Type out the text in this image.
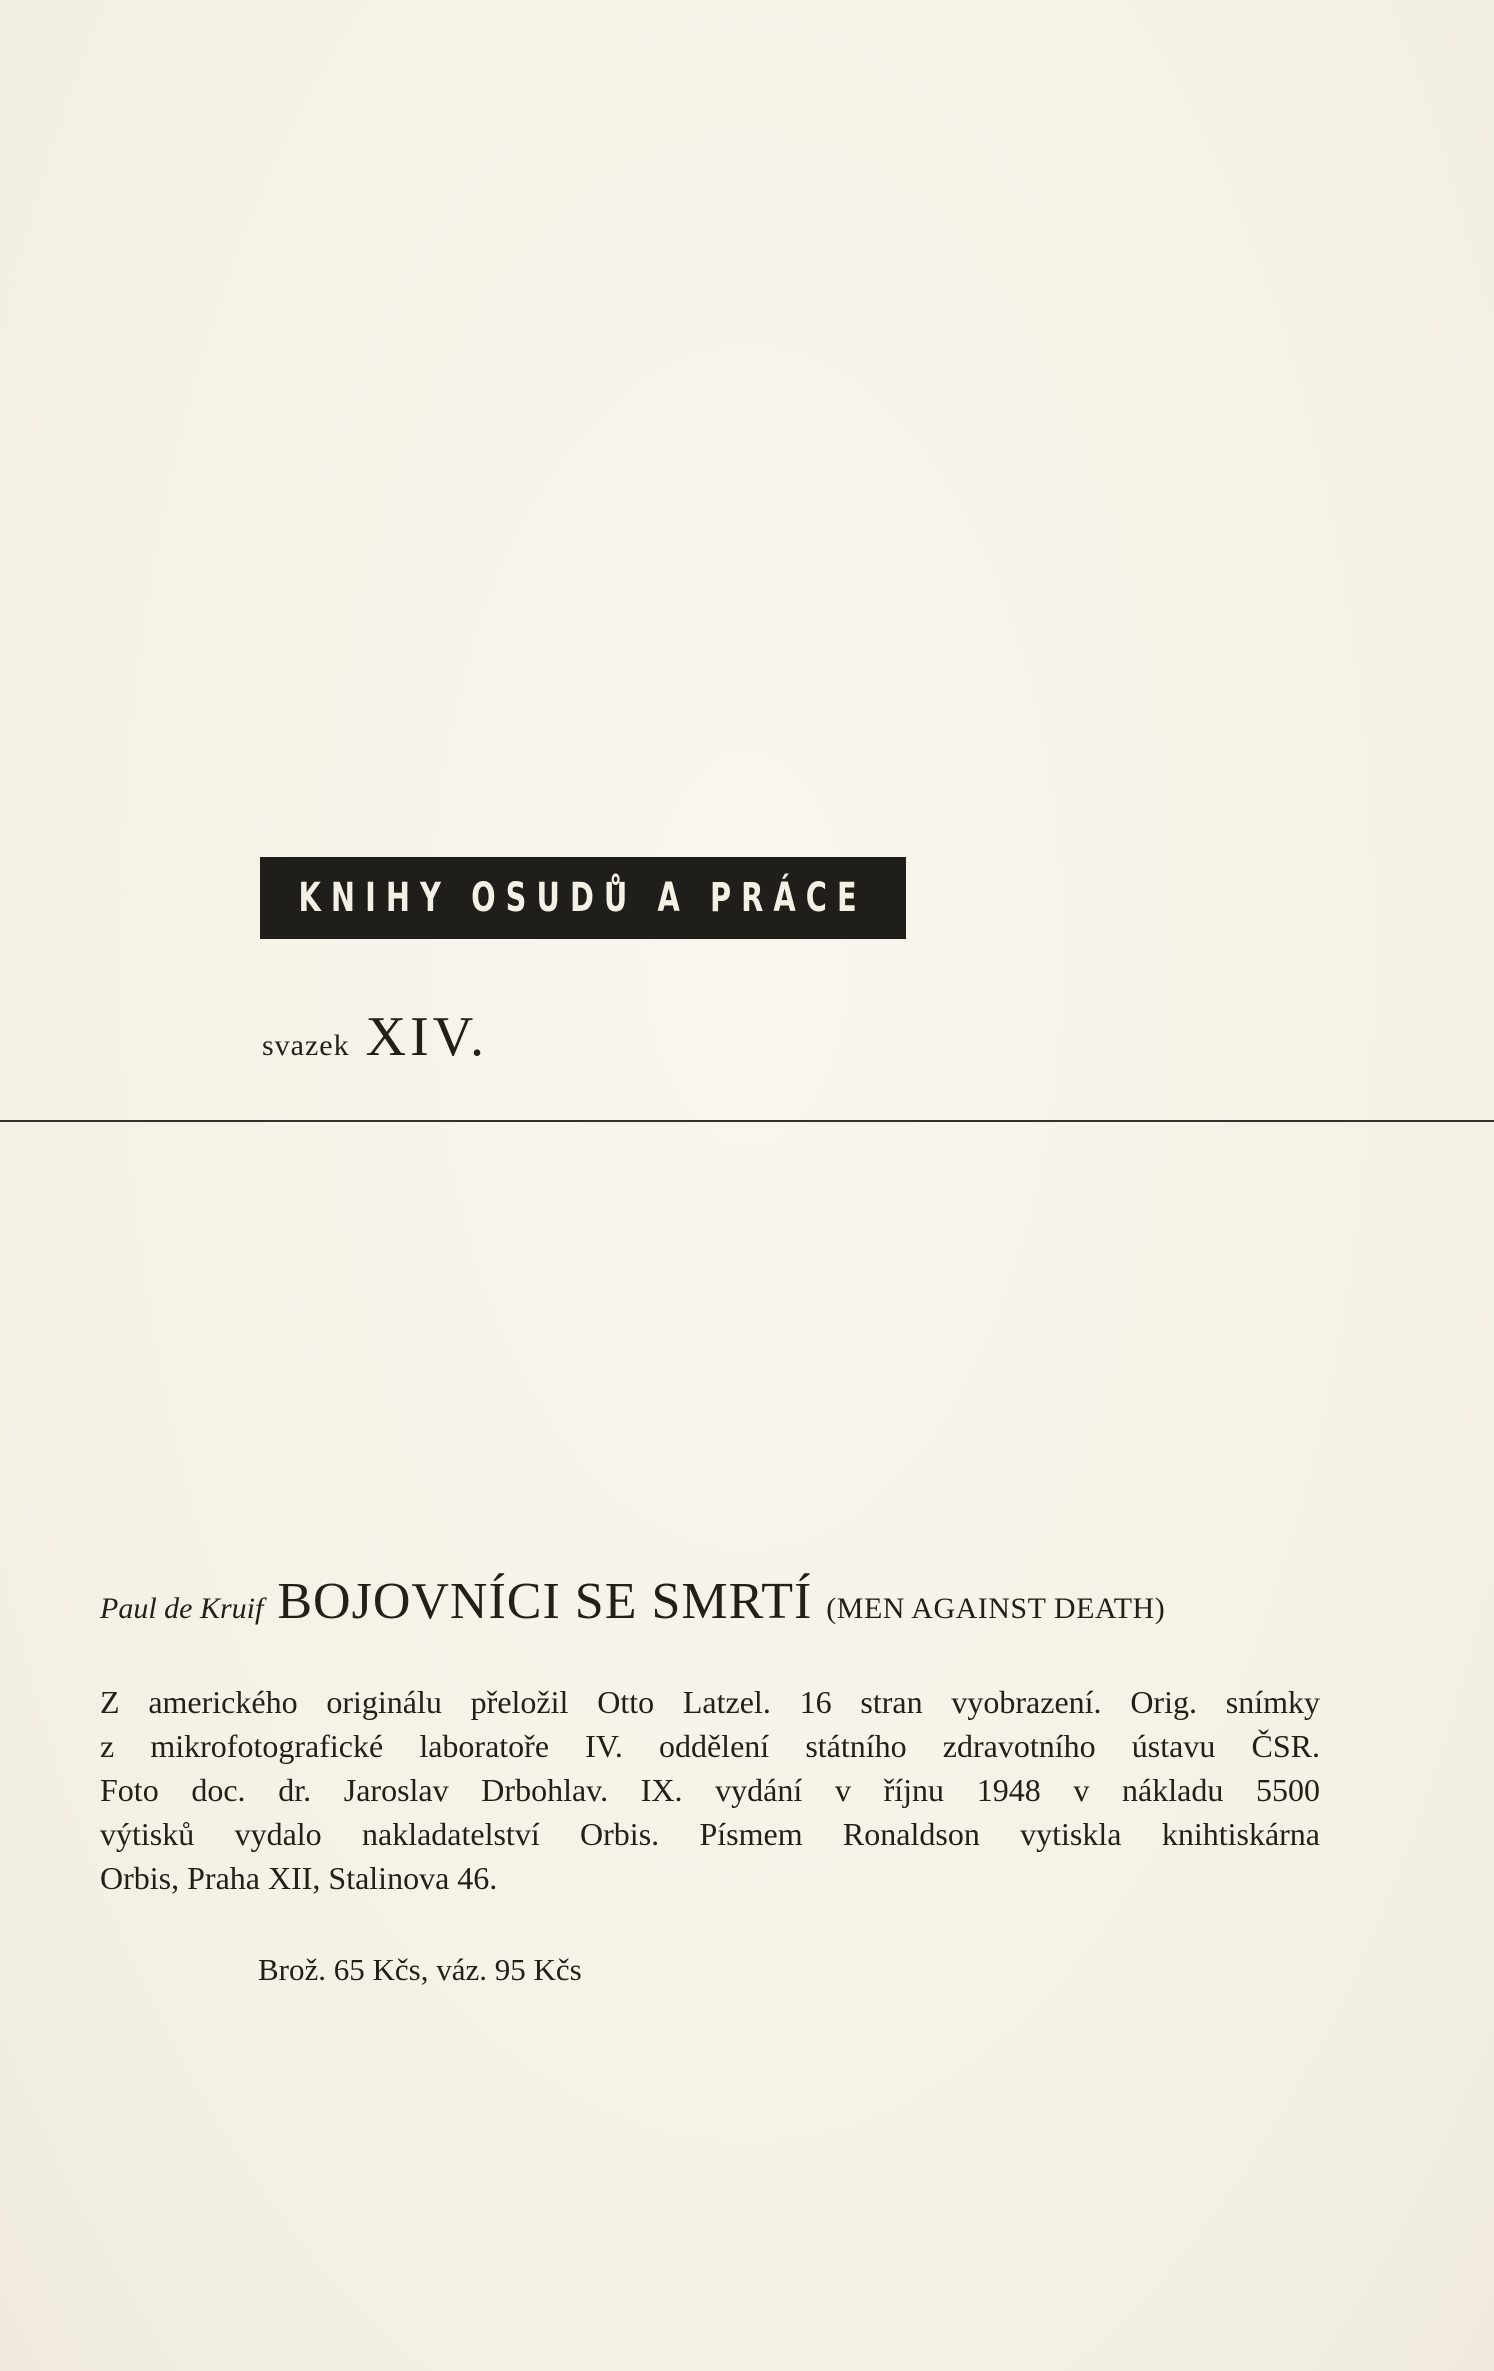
KNIHY OSUDŮ A PRÁCE
svazek XIV.
Paul de Kruif BOJOVNÍCI SE SMRTÍ (MEN AGAINST DEATH)
Z amerického originálu přeložil Otto Latzel. 16 stran vyobrazení. Orig. snímky
z mikrofotografické laboratoře IV. oddělení státního zdravotního ústavu ČSR.
Foto doc. dr. Jaroslav Drbohlav. IX. vydání v říjnu 1948 v nákladu 5500
výtisků vydalo nakladatelství Orbis. Písmem Ronaldson vytiskla knihtiskárna
Orbis, Praha XII, Stalinova 46.
Brož. 65 Kčs, váz. 95 Kčs
